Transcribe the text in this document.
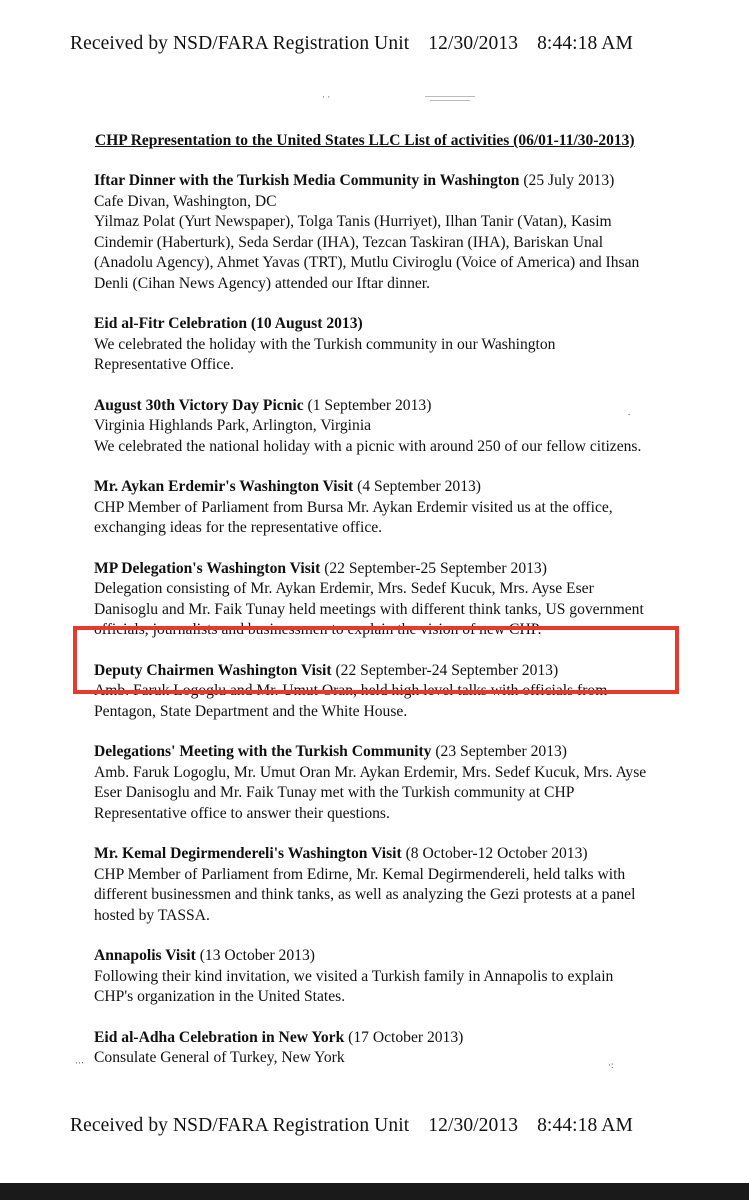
Received by NSD/FARA Registration Unit 12/30/2013 8:44:18 AM
· ·
··‧	·:
.
CHP Representation to the United States LLC List of activities (06/01-11/30-2013)
Iftar Dinner with the Turkish Media Community in Washington (25 July 2013)
Cafe Divan, Washington, DC
Yilmaz Polat (Yurt Newspaper), Tolga Tanis (Hurriyet), Ilhan Tanir (Vatan), Kasim
Cindemir (Haberturk), Seda Serdar (IHA), Tezcan Taskiran (IHA), Bariskan Unal
(Anadolu Agency), Ahmet Yavas (TRT), Mutlu Civiroglu (Voice of America) and Ihsan
Denli (Cihan News Agency) attended our Iftar dinner.
Eid al-Fitr Celebration (10 August 2013)
We celebrated the holiday with the Turkish community in our Washington
Representative Office.
August 30th Victory Day Picnic (1 September 2013)
Virginia Highlands Park, Arlington, Virginia
We celebrated the national holiday with a picnic with around 250 of our fellow citizens.
Mr. Aykan Erdemir's Washington Visit (4 September 2013)
CHP Member of Parliament from Bursa Mr. Aykan Erdemir visited us at the office,
exchanging ideas for the representative office.
MP Delegation's Washington Visit (22 September-25 September 2013)
Delegation consisting of Mr. Aykan Erdemir, Mrs. Sedef Kucuk, Mrs. Ayse Eser
Danisoglu and Mr. Faik Tunay held meetings with different think tanks, US government
officials, journalists and businessmen to explain the vision of new CHP.
Deputy Chairmen Washington Visit (22 September-24 September 2013)
Amb. Faruk Logoglu and Mr. Umut Oran, held high level talks with officials from
Pentagon, State Department and the White House.
Delegations' Meeting with the Turkish Community (23 September 2013)
Amb. Faruk Logoglu, Mr. Umut Oran Mr. Aykan Erdemir, Mrs. Sedef Kucuk, Mrs. Ayse
Eser Danisoglu and Mr. Faik Tunay met with the Turkish community at CHP
Representative office to answer their questions.
Mr. Kemal Degirmendereli's Washington Visit (8 October-12 October 2013)
CHP Member of Parliament from Edirne, Mr. Kemal Degirmendereli, held talks with
different businessmen and think tanks, as well as analyzing the Gezi protests at a panel
hosted by TASSA.
Annapolis Visit (13 October 2013)
Following their kind invitation, we visited a Turkish family in Annapolis to explain
CHP's organization in the United States.
Eid al-Adha Celebration in New York (17 October 2013)
Consulate General of Turkey, New York
Received by NSD/FARA Registration Unit 12/30/2013 8:44:18 AM
